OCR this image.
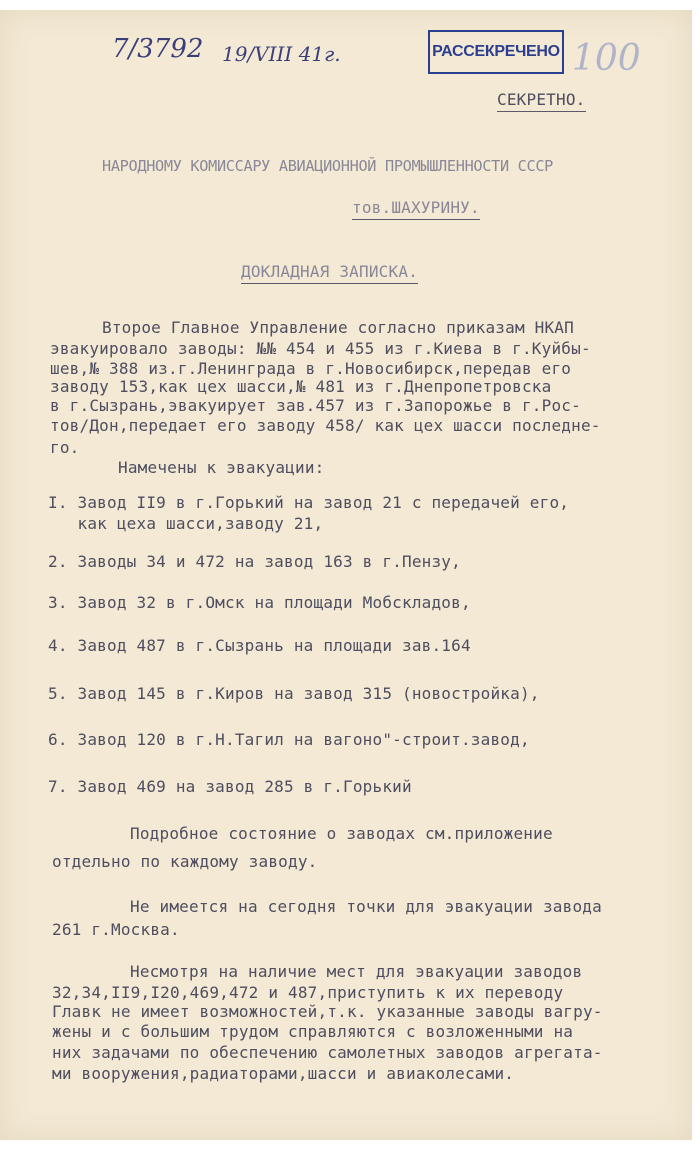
7/3792 19/VIII 41г.	РАССЕКРЕЧЕНО 100
СЕКРЕТНО.
НАРОДНОМУ КОМИССАРУ АВИАЦИОННОЙ ПРОМЫШЛЕННОСТИ СССР
тов.ШАХУРИНУ.
ДОКЛАДНАЯ ЗАПИСКА.
Второе Главное Управление согласно приказам НКАП
эвакуировало заводы: №№ 454 и 455 из г.Киева в г.Куйбы-
шев,№ 388 из.г.Ленинграда в г.Новосибирск,передав его
заводу 153,как цех шасси,№ 481 из г.Днепропетровска
в г.Сызрань,эвакуирует зав.457 из г.Запорожье в г.Рос-
тов/Дон,передает его заводу 458/ как цех шасси последне-
го.
Намечены к эвакуации:
I. Завод II9 в г.Горький на завод 21 с передачей его,
как цеха шасси,заводу 21,
2. Заводы 34 и 472 на завод 163 в г.Пензу,
3. Завод 32 в г.Омск на площади Мобскладов,
4. Завод 487 в г.Сызрань на площади зав.164
5. Завод 145 в г.Киров на завод 315 (новостройка),
6. Завод 120 в г.Н.Тагил на вагоно"-строит.завод,
7. Завод 469 на завод 285 в г.Горький
Подробное состояние о заводах см.приложение
отдельно по каждому заводу.
Не имеется на сегодня точки для эвакуации завода
261 г.Москва.
Несмотря на наличие мест для эвакуации заводов
32,34,II9,I20,469,472 и 487,приступить к их переводу
Главк не имеет возможностей,т.к. указанные заводы вагру-
жены и с большим трудом справляются с возложенными на
них задачами по обеспечению самолетных заводов агрегата-
ми вооружения,радиаторами,шасси и авиаколесами.
